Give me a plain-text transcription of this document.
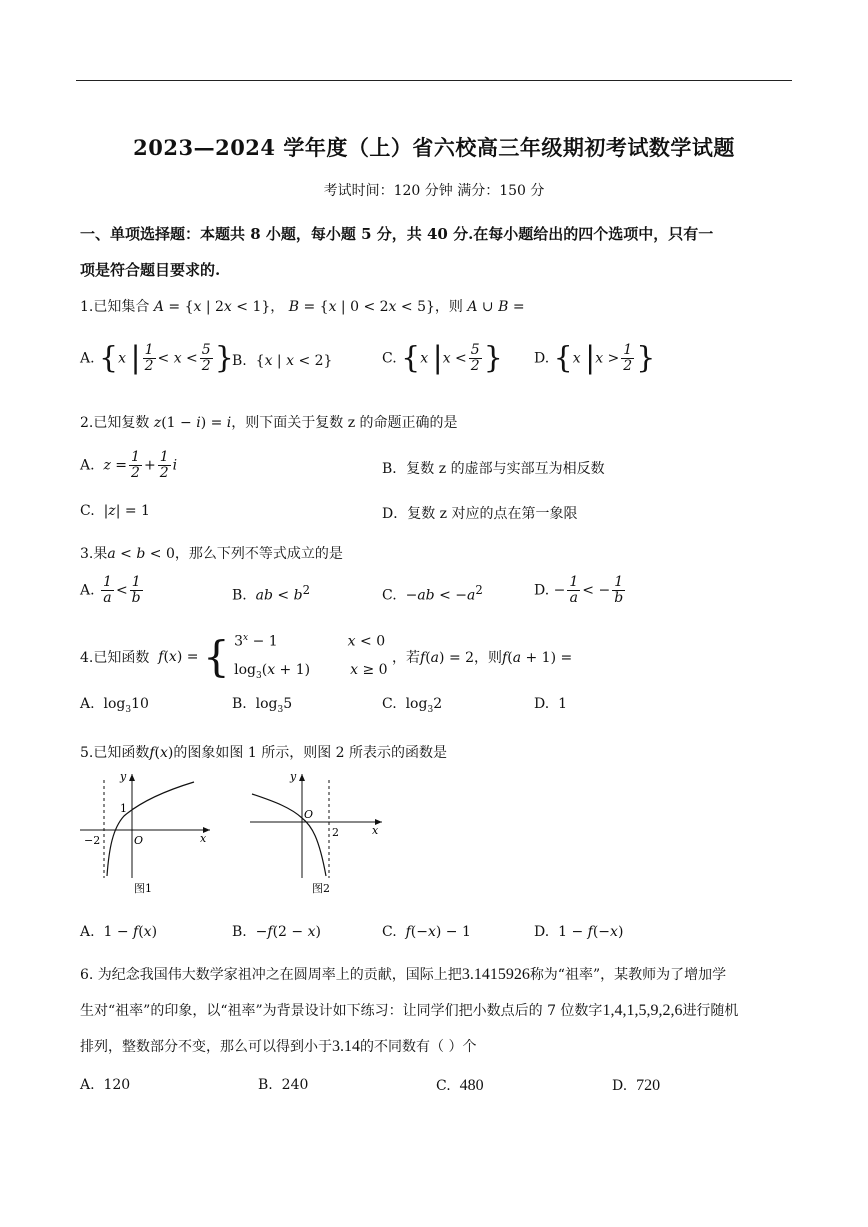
2023—2024 学年度（上）省六校高三年级期初考试数学试题
考试时间：120 分钟 满分：150 分
一、单项选择题：本题共 8 小题，每小题 5 分，共 40 分.在每小题给出的四个选项中，只有一
项是符合题目要求的.
1.已知集合 A = {x | 2x < 1}， B = {x | 0 < 2x < 5}，则 A ∪ B =
A. {x | $\frac{1}{2} < x < \frac{5}{2}$ }
B.  {x | x < 2}	C. {x $|x < \frac{5}{2}$ } D. {x $|x > \frac{1}{2}$ }
2.已知复数 z(1 − i) = i，则下面关于复数 z 的命题正确的是
A. $z = \frac{1}{2} + \frac{1}{2}$ i	B．复数 z 的虚部与实部互为相反数
C.  |z| = 1	D．复数 z 对应的点在第一象限
3.果a < b < 0，那么下列不等式成立的是
A. $\frac{1}{a} < \frac{1}{b}$	B. ab < $b^2$	C.  $-ab < -a^2$	D. − $\frac{1}{a}$ < − $\frac{1}{b}$
4.已知函数 f(x) = { $3^x - 1$	x < 0
$\log_3(x + 1)$	x ≥ 0
，若f(a) = 2，则f(a + 1) =
A.  $\log_310$	B.  $\log_35$	C.  $\log_32$	D. 1
5.已知函数f(x)的图象如图 1 所示，则图 2 所表示的函数是
y
x
1
−2	O
图1
y
x
O
2
图2
A.  1 − f(x)	B.  −f(2 − x)	C. f(−x) − 1	D.  1 − f(−x)
6. 为纪念我国伟大数学家祖冲之在圆周率上的贡献，国际上把3.1415926称为“祖率”，某教师为了增加学
生对“祖率”的印象，以“祖率”为背景设计如下练习：让同学们把小数点后的 7 位数字1,4,1,5,9,2,6进行随机
排列，整数部分不变，那么可以得到小于3.14的不同数有（ ）个
A. 120	B. 240	C. 480	D. 720
